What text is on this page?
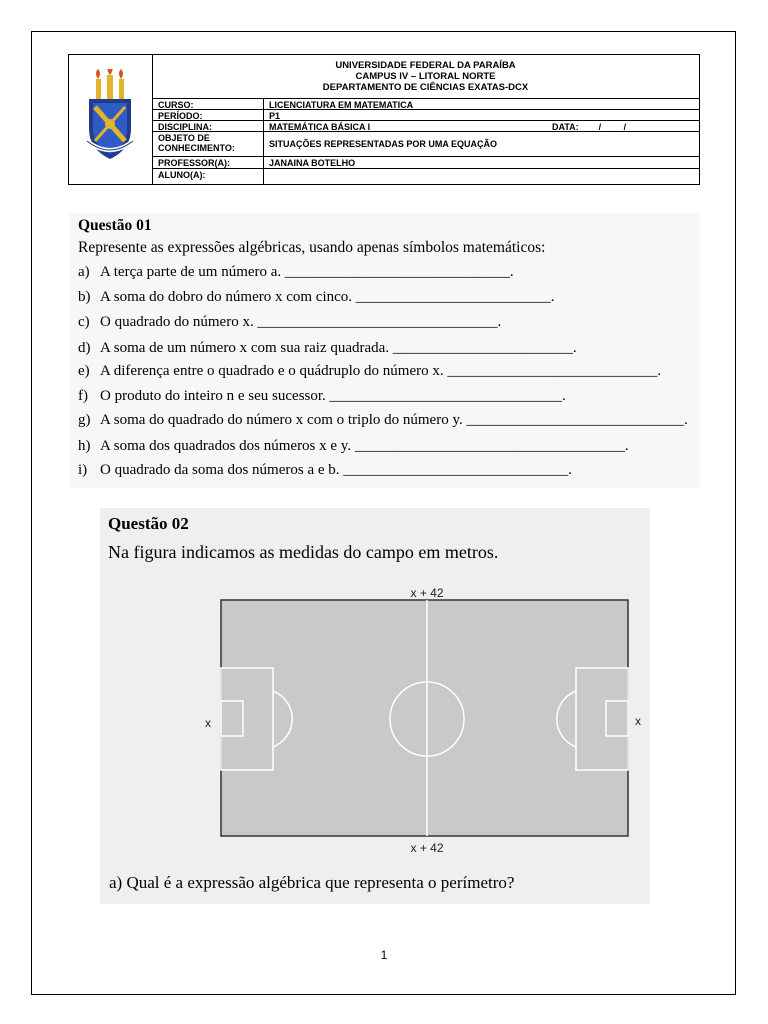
UNIVERSIDADE FEDERAL DA PARAÍBA
CAMPUS IV – LITORAL NORTE
DEPARTAMENTO DE CIÊNCIAS EXATAS-DCX
CURSO:	LICENCIATURA EM MATEMATICA
PERÍODO:	P1
DISCIPLINA:	MATEMÁTICA BÁSICA I	DATA:        /         /
OBJETO DE
CONHECIMENTO:	SITUAÇÕES REPRESENTADAS POR UMA EQUAÇÃO
PROFESSOR(A):	JANAINA BOTELHO
ALUNO(A):
Questão 01
Represente as expressões algébricas, usando apenas símbolos matemáticos:
a) A terça parte de um número a. ______________________________.
b) A soma do dobro do número x com cinco. __________________________.
c) O quadrado do número x. ________________________________.
d) A soma de um número x com sua raiz quadrada. ________________________.
e) A diferença entre o quadrado e o quádruplo do número x. ____________________________.
f) O produto do inteiro n e seu sucessor. _______________________________.
g) A soma do quadrado do número x com o triplo do número y. _____________________________.
h) A soma dos quadrados dos números x e y. ____________________________________.
i) O quadrado da soma dos números a e b. ______________________________.
Questão 02
Na figura indicamos as medidas do campo em metros.
x + 42
x + 42
x	x
a) Qual é a expressão algébrica que representa o perímetro?
1
